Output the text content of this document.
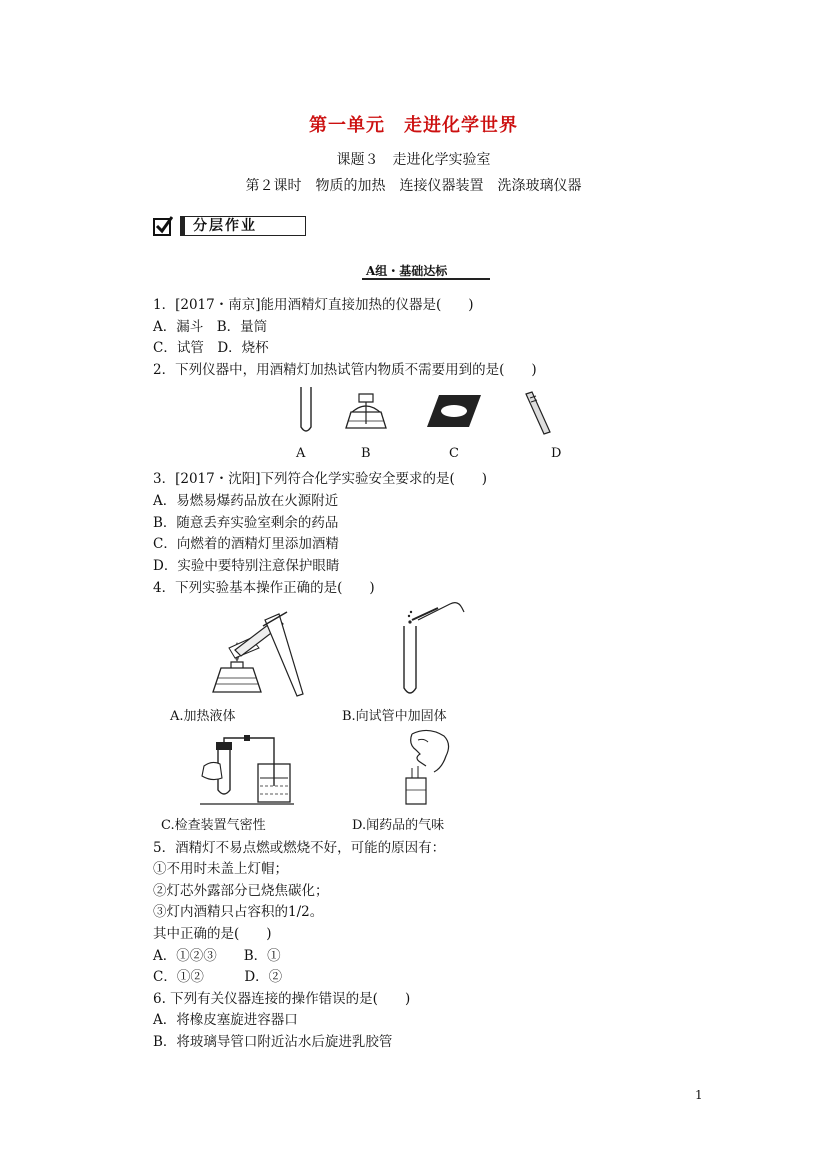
第一单元　走进化学世界
课题３　走进化学实验室
第２课时　物质的加热　连接仪器装置　洗涤玻璃仪器
分层作业
A组・基础达标
1．[2017・南京]能用酒精灯直接加热的仪器是(　　)
A．漏斗　B．量筒
C．试管　D．烧杯
2．下列仪器中，用酒精灯加热试管内物质不需要用到的是(　　)
A	B	C	D
3．[2017・沈阳]下列符合化学实验安全要求的是(　　)
A．易燃易爆药品放在火源附近
B．随意丢弃实验室剩余的药品
C．向燃着的酒精灯里添加酒精
D．实验中要特别注意保护眼睛
4．下列实验基本操作正确的是(　　)
A.加热液体	B.向试管中加固体
C.检查装置气密性	D.闻药品的气味
5．酒精灯不易点燃或燃烧不好，可能的原因有：
①不用时未盖上灯帽；
②灯芯外露部分已烧焦碳化；
③灯内酒精只占容积的1/2。
其中正确的是(　　)
A．①②③　　B．①
C．①②　　　D．②
6. 下列有关仪器连接的操作错误的是(　　)
A．将橡皮塞旋进容器口
B．将玻璃导管口附近沾水后旋进乳胶管
1
